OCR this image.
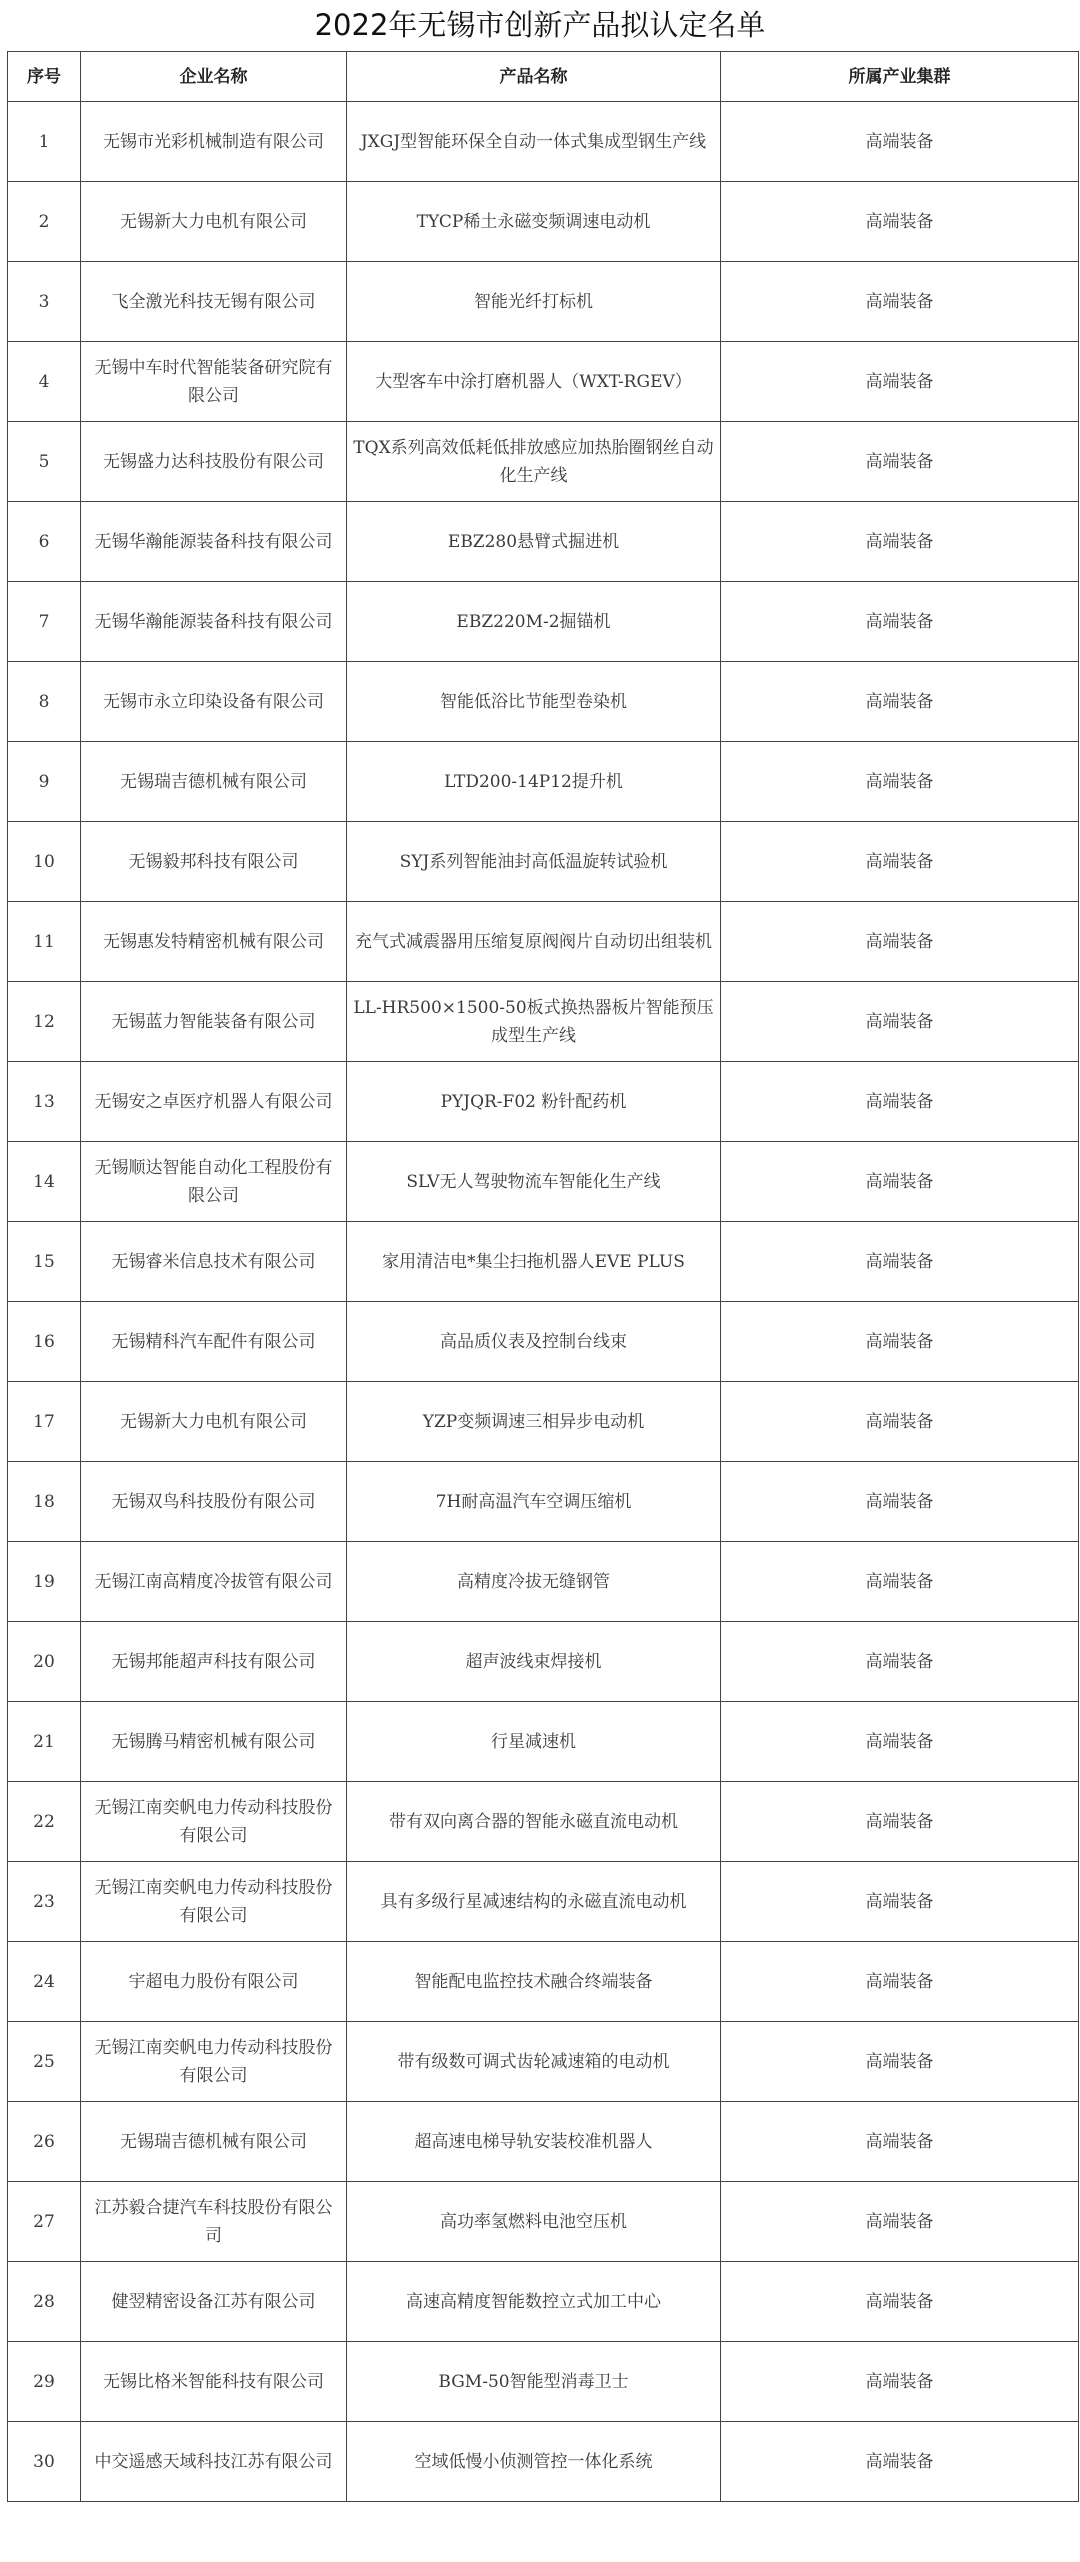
2022年无锡市创新产品拟认定名单
序号	企业名称	产品名称	所属产业集群
1	无锡市光彩机械制造有限公司	JXGJ型智能环保全自动一体式集成型钢生产线	高端装备
2	无锡新大力电机有限公司	TYCP稀土永磁变频调速电动机	高端装备
3	飞全激光科技无锡有限公司	智能光纤打标机	高端装备
4	无锡中车时代智能装备研究院有限公司	大型客车中涂打磨机器人（WXT-RGEV）	高端装备
5	无锡盛力达科技股份有限公司	TQX系列高效低耗低排放感应加热胎圈钢丝自动化生产线	高端装备
6	无锡华瀚能源装备科技有限公司	EBZ280悬臂式掘进机	高端装备
7	无锡华瀚能源装备科技有限公司	EBZ220M-2掘锚机	高端装备
8	无锡市永立印染设备有限公司	智能低浴比节能型卷染机	高端装备
9	无锡瑞吉德机械有限公司	LTD200-14P12提升机	高端装备
10	无锡毅邦科技有限公司	SYJ系列智能油封高低温旋转试验机	高端装备
11	无锡惠发特精密机械有限公司	充气式减震器用压缩复原阀阀片自动切出组装机	高端装备
12	无锡蓝力智能装备有限公司	LL-HR500×1500-50板式换热器板片智能预压成型生产线	高端装备
13	无锡安之卓医疗机器人有限公司	PYJQR-F02 粉针配药机	高端装备
14	无锡顺达智能自动化工程股份有限公司	SLV无人驾驶物流车智能化生产线	高端装备
15	无锡睿米信息技术有限公司	家用清洁电*集尘扫拖机器人EVE PLUS	高端装备
16	无锡精科汽车配件有限公司	高品质仪表及控制台线束	高端装备
17	无锡新大力电机有限公司	YZP变频调速三相异步电动机	高端装备
18	无锡双鸟科技股份有限公司	7H耐高温汽车空调压缩机	高端装备
19	无锡江南高精度冷拔管有限公司	高精度冷拔无缝钢管	高端装备
20	无锡邦能超声科技有限公司	超声波线束焊接机	高端装备
21	无锡腾马精密机械有限公司	行星减速机	高端装备
22	无锡江南奕帆电力传动科技股份有限公司	带有双向离合器的智能永磁直流电动机	高端装备
23	无锡江南奕帆电力传动科技股份有限公司	具有多级行星减速结构的永磁直流电动机	高端装备
24	宇超电力股份有限公司	智能配电监控技术融合终端装备	高端装备
25	无锡江南奕帆电力传动科技股份有限公司	带有级数可调式齿轮减速箱的电动机	高端装备
26	无锡瑞吉德机械有限公司	超高速电梯导轨安装校准机器人	高端装备
27	江苏毅合捷汽车科技股份有限公司	高功率氢燃料电池空压机	高端装备
28	健翌精密设备江苏有限公司	高速高精度智能数控立式加工中心	高端装备
29	无锡比格米智能科技有限公司	BGM-50智能型消毒卫士	高端装备
30	中交遥感天域科技江苏有限公司	空域低慢小侦测管控一体化系统	高端装备
